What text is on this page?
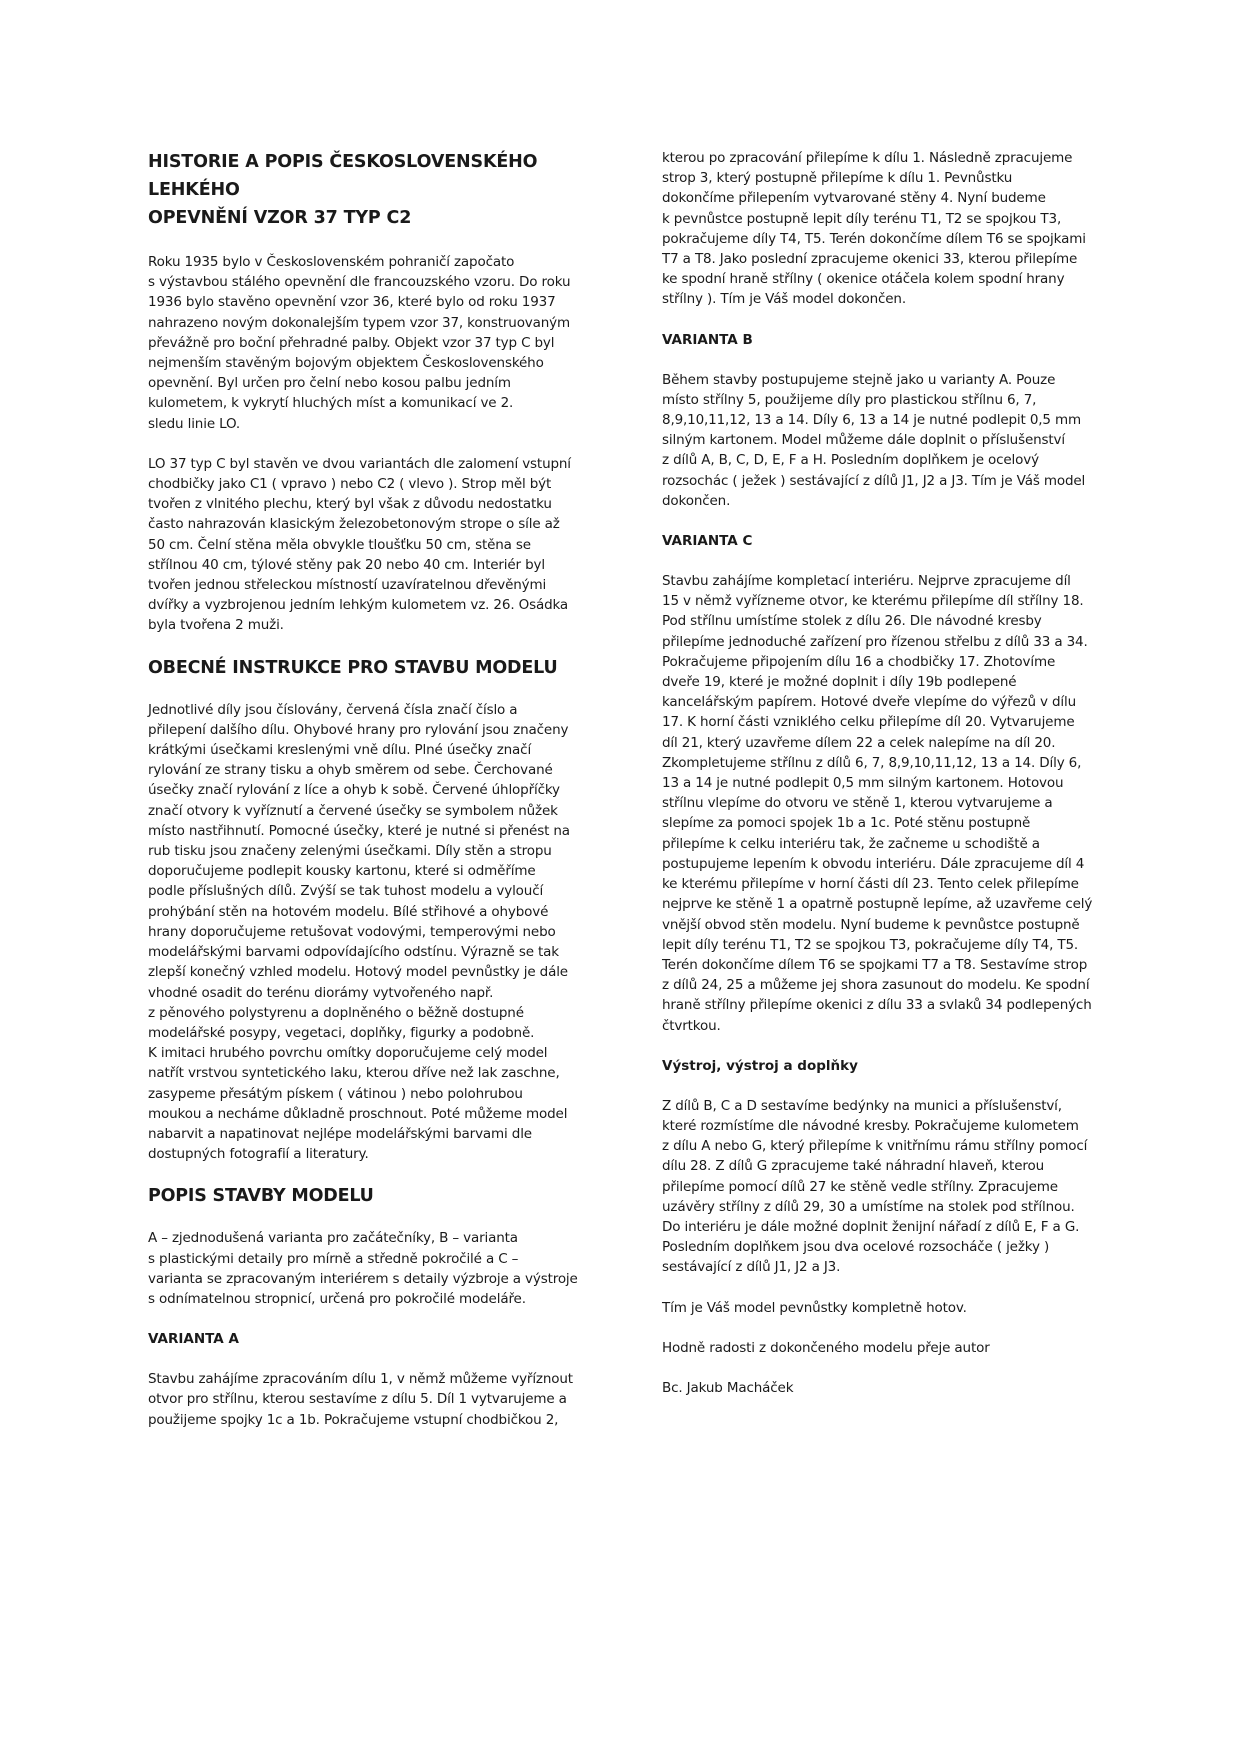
HISTORIE A POPIS ČESKOSLOVENSKÉHO LEHKÉHO
OPEVNĚNÍ VZOR 37 TYP C2
Roku 1935 bylo v Československém pohraničí započato
s výstavbou stálého opevnění dle francouzského vzoru. Do roku
1936 bylo stavěno opevnění vzor 36, které bylo od roku 1937
nahrazeno novým dokonalejším typem vzor 37, konstruovaným
převážně pro boční přehradné palby. Objekt vzor 37 typ C byl
nejmenším stavěným bojovým objektem Československého
opevnění. Byl určen pro čelní nebo kosou palbu jedním
kulometem, k vykrytí hluchých míst a komunikací ve 2.
sledu linie LO.
LO 37 typ C byl stavěn ve dvou variantách dle zalomení vstupní
chodbičky jako C1 ( vpravo ) nebo C2 ( vlevo ). Strop měl být
tvořen z vlnitého plechu, který byl však z důvodu nedostatku
často nahrazován klasickým železobetonovým strope o síle až
50 cm. Čelní stěna měla obvykle tloušťku 50 cm, stěna se
střílnou 40 cm, týlové stěny pak 20 nebo 40 cm. Interiér byl
tvořen jednou střeleckou místností uzavíratelnou dřevěnými
dvířky a vyzbrojenou jedním lehkým kulometem vz. 26. Osádka
byla tvořena 2 muži.
OBECNÉ INSTRUKCE PRO STAVBU MODELU
Jednotlivé díly jsou číslovány, červená čísla značí číslo a
přilepení dalšího dílu. Ohybové hrany pro rylování jsou značeny
krátkými úsečkami kreslenými vně dílu. Plné úsečky značí
rylování ze strany tisku a ohyb směrem od sebe. Čerchované
úsečky značí rylování z líce a ohyb k sobě. Červené úhlopříčky
značí otvory k vyříznutí a červené úsečky se symbolem nůžek
místo nastřihnutí. Pomocné úsečky, které je nutné si přenést na
rub tisku jsou značeny zelenými úsečkami. Díly stěn a stropu
doporučujeme podlepit kousky kartonu, které si odměříme
podle příslušných dílů. Zvýší se tak tuhost modelu a vyloučí
prohýbání stěn na hotovém modelu. Bílé střihové a ohybové
hrany doporučujeme retušovat vodovými, temperovými nebo
modelářskými barvami odpovídajícího odstínu. Výrazně se tak
zlepší konečný vzhled modelu. Hotový model pevnůstky je dále
vhodné osadit do terénu diorámy vytvořeného např.
z pěnového polystyrenu a doplněného o běžně dostupné
modelářské posypy, vegetaci, doplňky, figurky a podobně.
K imitaci hrubého povrchu omítky doporučujeme celý model
natřít vrstvou syntetického laku, kterou dříve než lak zaschne,
zasypeme přesátým pískem ( vátinou ) nebo polohrubou
moukou a necháme důkladně proschnout. Poté můžeme model
nabarvit a napatinovat nejlépe modelářskými barvami dle
dostupných fotografií a literatury.
POPIS STAVBY MODELU
A – zjednodušená varianta pro začátečníky, B – varianta
s plastickými detaily pro mírně a středně pokročilé a C –
varianta se zpracovaným interiérem s detaily výzbroje a výstroje
s odnímatelnou stropnicí, určená pro pokročilé modeláře.
VARIANTA A
Stavbu zahájíme zpracováním dílu 1, v němž můžeme vyříznout
otvor pro střílnu, kterou sestavíme z dílu 5. Díl 1 vytvarujeme a
použijeme spojky 1c a 1b. Pokračujeme vstupní chodbičkou 2,
kterou po zpracování přilepíme k dílu 1. Následně zpracujeme
strop 3, který postupně přilepíme k dílu 1. Pevnůstku
dokončíme přilepením vytvarované stěny 4. Nyní budeme
k pevnůstce postupně lepit díly terénu T1, T2 se spojkou T3,
pokračujeme díly T4, T5. Terén dokončíme dílem T6 se spojkami
T7 a T8. Jako poslední zpracujeme okenici 33, kterou přilepíme
ke spodní hraně střílny ( okenice otáčela kolem spodní hrany
střílny ). Tím je Váš model dokončen.
VARIANTA B
Během stavby postupujeme stejně jako u varianty A. Pouze
místo střílny 5, použijeme díly pro plastickou střílnu 6, 7,
8,9,10,11,12, 13 a 14. Díly 6, 13 a 14 je nutné podlepit 0,5 mm
silným kartonem. Model můžeme dále doplnit o příslušenství
z dílů A, B, C, D, E, F a H. Posledním doplňkem je ocelový
rozsochác ( ježek ) sestávající z dílů J1, J2 a J3. Tím je Váš model
dokončen.
VARIANTA C
Stavbu zahájíme kompletací interiéru. Nejprve zpracujeme díl
15 v němž vyřízneme otvor, ke kterému přilepíme díl střílny 18.
Pod střílnu umístíme stolek z dílu 26. Dle návodné kresby
přilepíme jednoduché zařízení pro řízenou střelbu z dílů 33 a 34.
Pokračujeme připojením dílu 16 a chodbičky 17. Zhotovíme
dveře 19, které je možné doplnit i díly 19b podlepené
kancelářským papírem. Hotové dveře vlepíme do výřezů v dílu
17. K horní části vzniklého celku přilepíme díl 20. Vytvarujeme
díl 21, který uzavřeme dílem 22 a celek nalepíme na díl 20.
Zkompletujeme střílnu z dílů 6, 7, 8,9,10,11,12, 13 a 14. Díly 6,
13 a 14 je nutné podlepit 0,5 mm silným kartonem. Hotovou
střílnu vlepíme do otvoru ve stěně 1, kterou vytvarujeme a
slepíme za pomoci spojek 1b a 1c. Poté stěnu postupně
přilepíme k celku interiéru tak, že začneme u schodiště a
postupujeme lepením k obvodu interiéru. Dále zpracujeme díl 4
ke kterému přilepíme v horní části díl 23. Tento celek přilepíme
nejprve ke stěně 1 a opatrně postupně lepíme, až uzavřeme celý
vnější obvod stěn modelu. Nyní budeme k pevnůstce postupně
lepit díly terénu T1, T2 se spojkou T3, pokračujeme díly T4, T5.
Terén dokončíme dílem T6 se spojkami T7 a T8. Sestavíme strop
z dílů 24, 25 a můžeme jej shora zasunout do modelu. Ke spodní
hraně střílny přilepíme okenici z dílu 33 a svlaků 34 podlepených
čtvrtkou.
Výstroj, výstroj a doplňky
Z dílů B, C a D sestavíme bedýnky na munici a příslušenství,
které rozmístíme dle návodné kresby. Pokračujeme kulometem
z dílu A nebo G, který přilepíme k vnitřnímu rámu střílny pomocí
dílu 28. Z dílů G zpracujeme také náhradní hlaveň, kterou
přilepíme pomocí dílů 27 ke stěně vedle střílny. Zpracujeme
uzávěry střílny z dílů 29, 30 a umístíme na stolek pod střílnou.
Do interiéru je dále možné doplnit ženijní nářadí z dílů E, F a G.
Posledním doplňkem jsou dva ocelové rozsocháče ( ježky )
sestávající z dílů J1, J2 a J3.
Tím je Váš model pevnůstky kompletně hotov.
Hodně radosti z dokončeného modelu přeje autor
Bc. Jakub Macháček
